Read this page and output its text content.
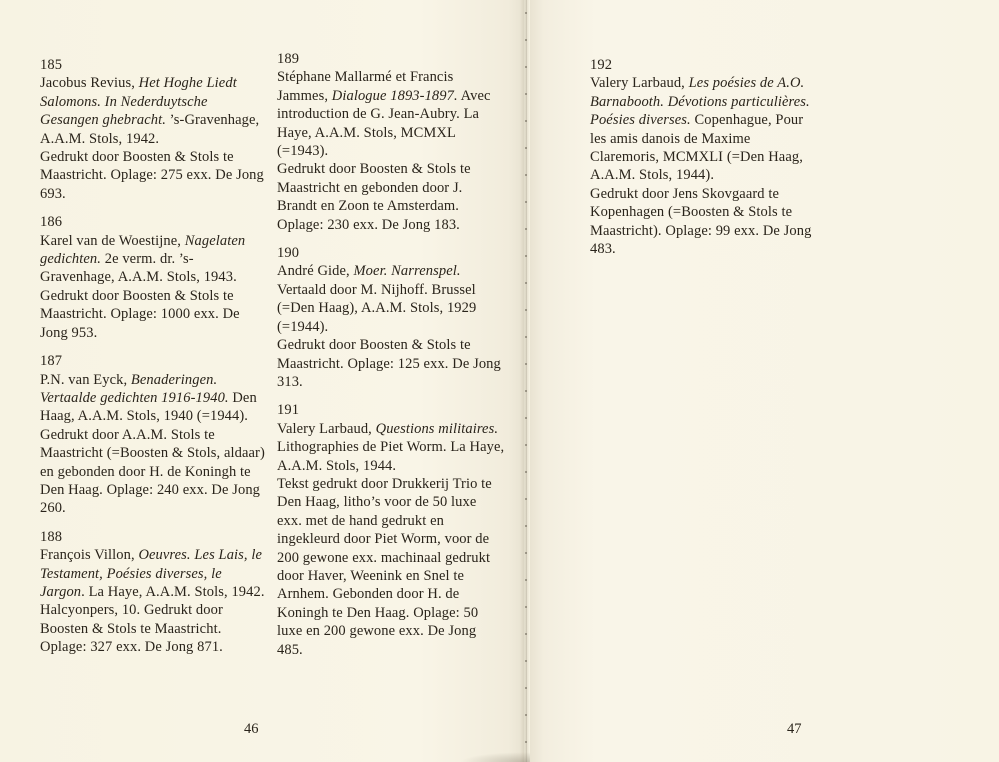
185

Jacobus Revius, Het Hoghe Liedt Salomons. In Nederduytsche Gesangen ghebracht. ’s-Gravenhage, A.A.M. Stols, 1942.

Gedrukt door Boosten & Stols te Maastricht. Oplage: 275 exx. De Jong 693.

186

Karel van de Woestijne, Nagelaten gedichten. 2e verm. dr. ’s-Gravenhage, A.A.M. Stols, 1943.

Gedrukt door Boosten & Stols te Maastricht. Oplage: 1000 exx. De Jong 953.

187

P.N. van Eyck, Benaderingen. Vertaalde gedichten 1916-1940. Den Haag, A.A.M. Stols, 1940 (=1944).

Gedrukt door A.A.M. Stols te Maastricht (=Boosten & Stols, aldaar) en gebonden door H. de Koningh te Den Haag. Oplage: 240 exx. De Jong 260.

188

François Villon, Oeuvres. Les Lais, le Testament, Poésies diverses, le Jargon. La Haye, A.A.M. Stols, 1942.

Halcyonpers, 10. Gedrukt door Boosten & Stols te Maastricht. Oplage: 327 exx. De Jong 871.

189

Stéphane Mallarmé et Francis Jammes, Dialogue 1893-1897. Avec introduction de G. Jean-Aubry. La Haye, A.A.M. Stols, MCMXL (=1943).

Gedrukt door Boosten & Stols te Maastricht en gebonden door J. Brandt en Zoon te Amsterdam. Oplage: 230 exx. De Jong 183.

190

André Gide, Moer. Narrenspel. Vertaald door M. Nijhoff. Brussel (=Den Haag), A.A.M. Stols, 1929 (=1944).

Gedrukt door Boosten & Stols te Maastricht. Oplage: 125 exx. De Jong 313.

191

Valery Larbaud, Questions militaires. Lithographies de Piet Worm. La Haye, A.A.M. Stols, 1944.

Tekst gedrukt door Drukkerij Trio te Den Haag, litho’s voor de 50 luxe exx. met de hand gedrukt en ingekleurd door Piet Worm, voor de 200 gewone exx. machinaal gedrukt door Haver, Weenink en Snel te Arnhem. Gebonden door H. de Koningh te Den Haag. Oplage: 50 luxe en 200 gewone exx. De Jong 485.

46
192

Valery Larbaud, Les poésies de A.O. Barnabooth. Dévotions particulières. Poésies diverses. Copenhague, Pour les amis danois de Maxime Claremoris, MCMXLI (=Den Haag, A.A.M. Stols, 1944).

Gedrukt door Jens Skovgaard te Kopenhagen (=Boosten & Stols te Maastricht). Oplage: 99 exx. De Jong 483.

47
